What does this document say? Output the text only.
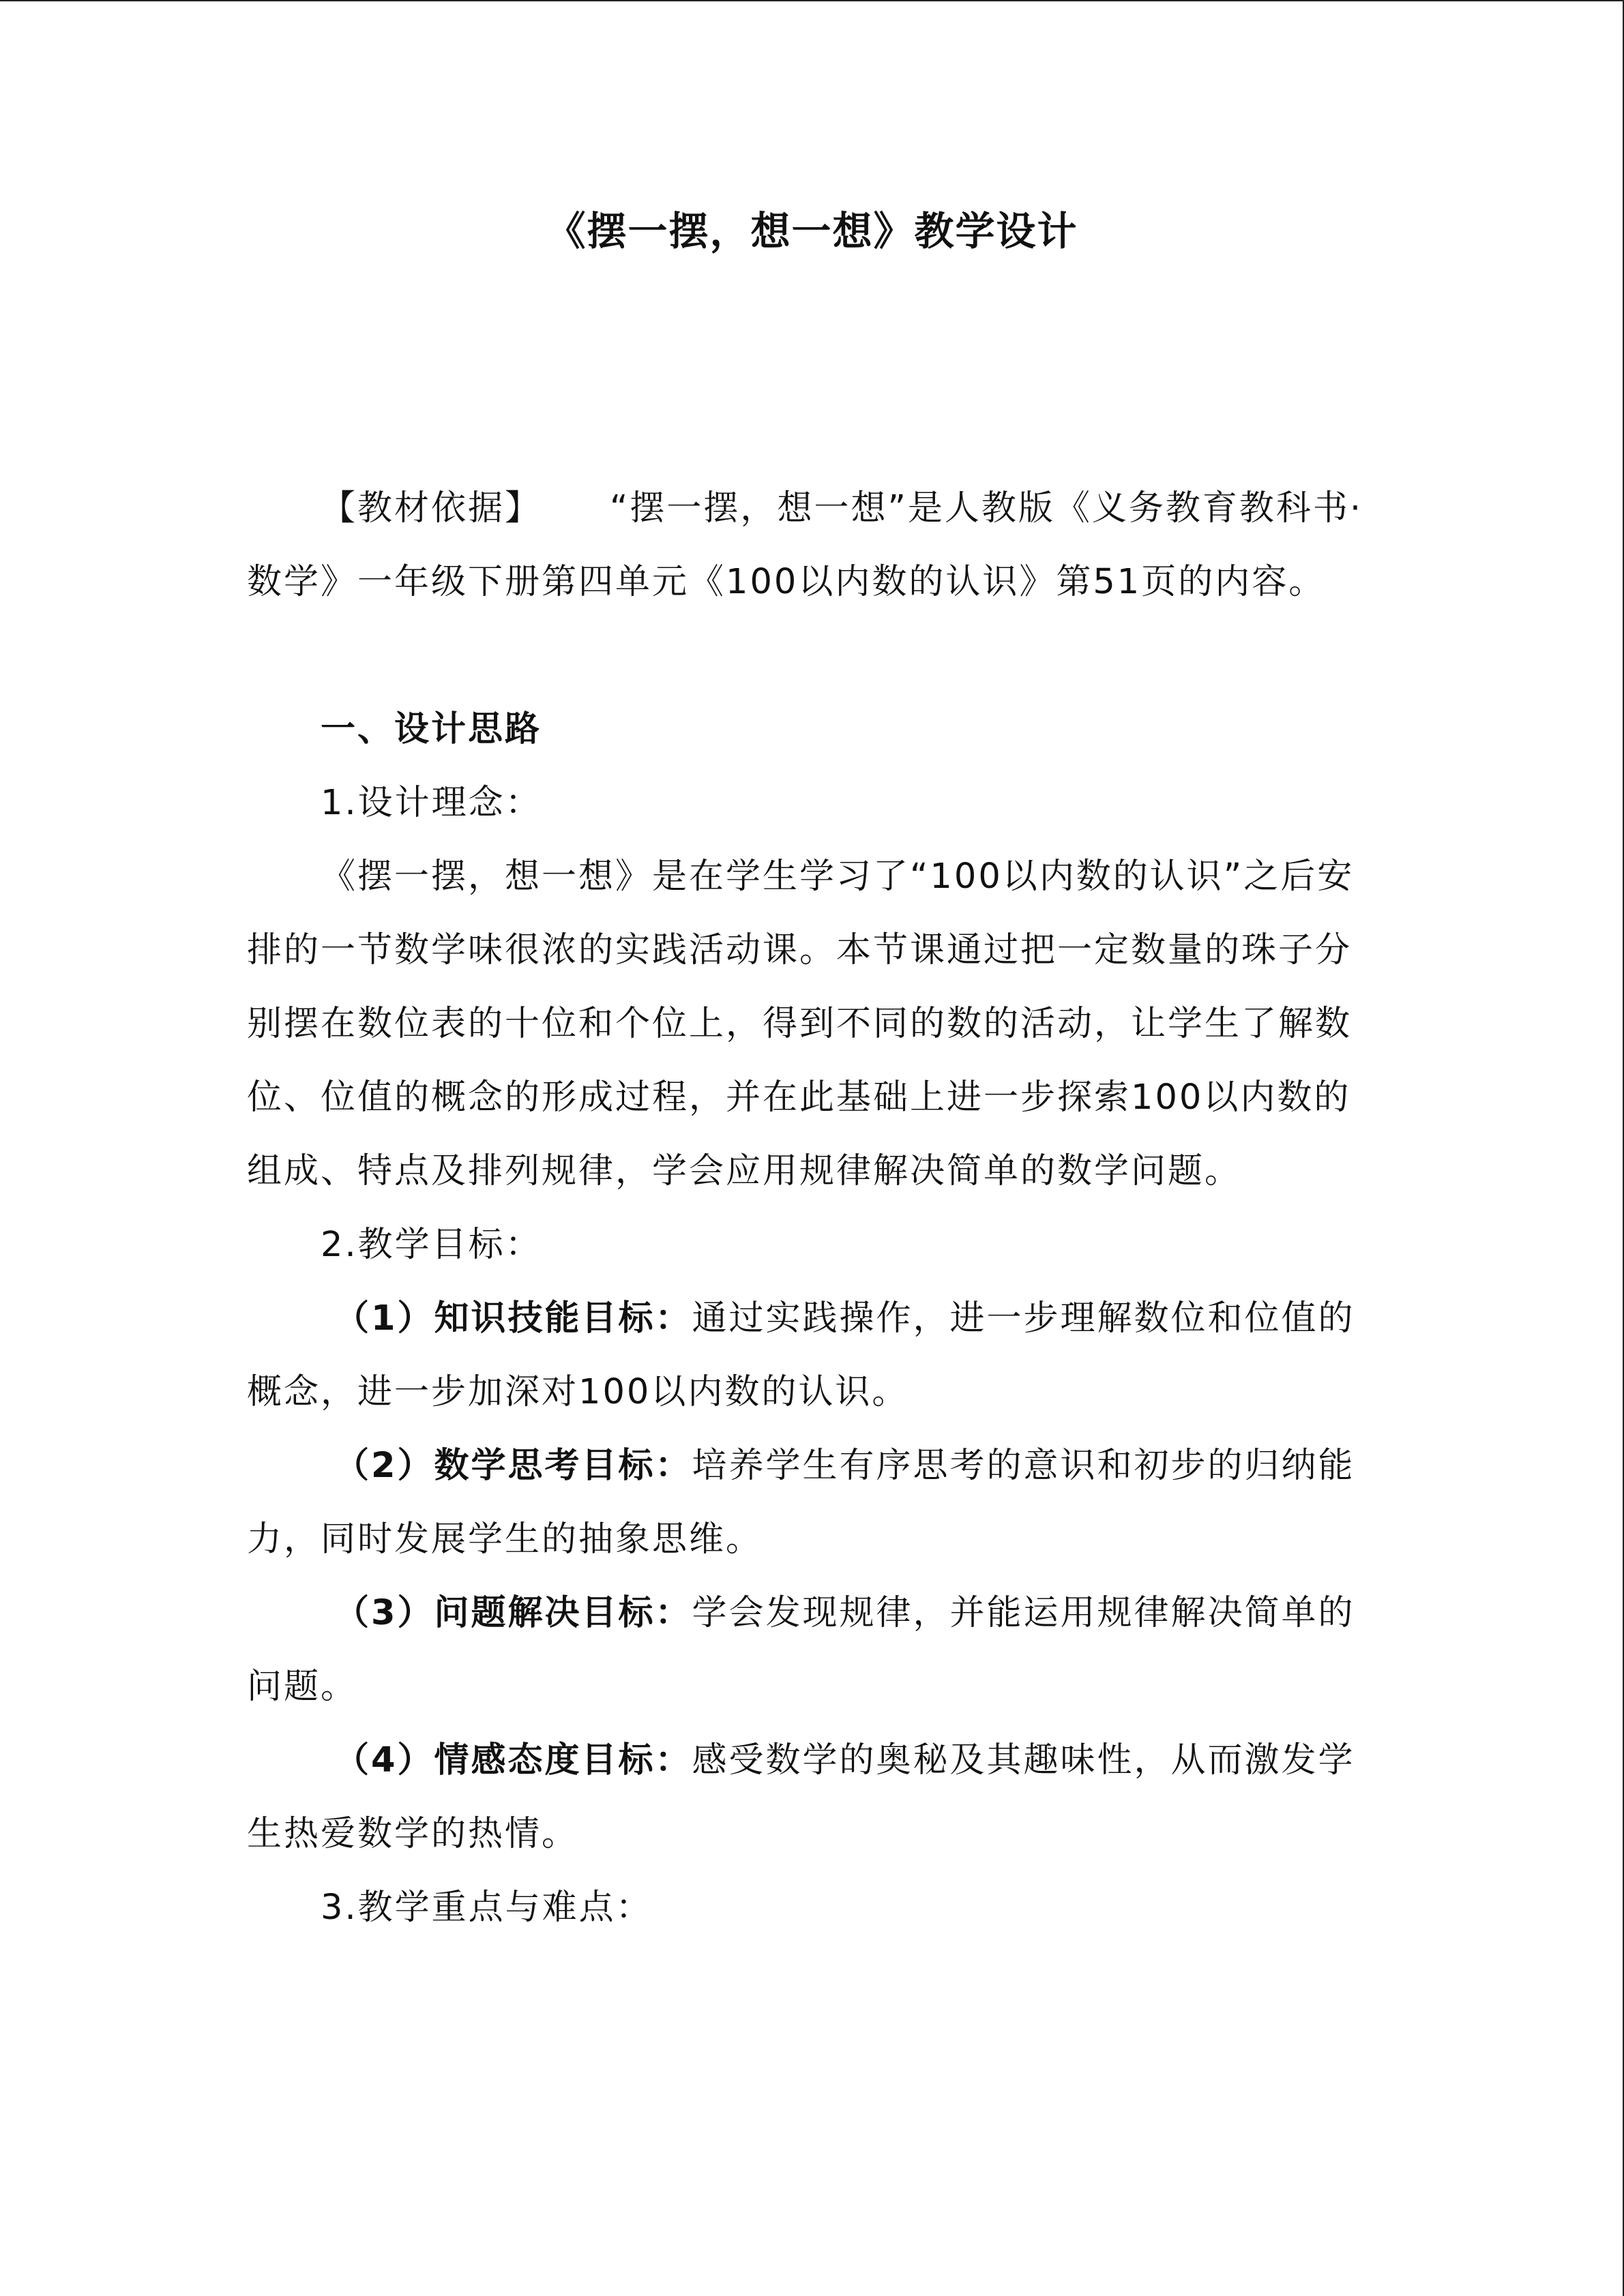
《摆一摆，想一想》教学设计

【教材依据】 “摆一摆，想一想”是人教版《义务教育教科书·数学》一年级下册第四单元《100以内数的认识》第51页的内容。

一、设计思路

1.设计理念：

《摆一摆，想一想》是在学生学习了“100以内数的认识”之后安排的一节数学味很浓的实践活动课。本节课通过把一定数量的珠子分别摆在数位表的十位和个位上，得到不同的数的活动，让学生了解数位、位值的概念的形成过程，并在此基础上进一步探索100以内数的组成、特点及排列规律，学会应用规律解决简单的数学问题。

2.教学目标：

（1）知识技能目标：通过实践操作，进一步理解数位和位值的概念，进一步加深对100以内数的认识。

（2）数学思考目标：培养学生有序思考的意识和初步的归纳能力，同时发展学生的抽象思维。

（3）问题解决目标：学会发现规律，并能运用规律解决简单的问题。

（4）情感态度目标：感受数学的奥秘及其趣味性，从而激发学生热爱数学的热情。

3.教学重点与难点：
